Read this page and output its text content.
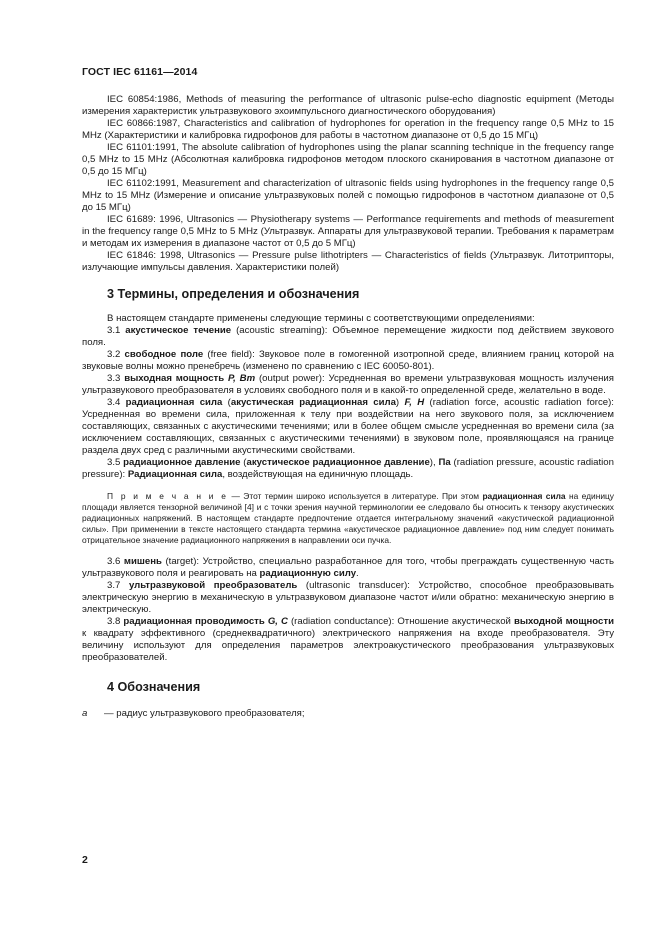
ГОСТ IEC 61161—2014

IEC 60854:1986, Methods of measuring the performance of ultrasonic pulse-echo diagnostic equipment (Методы измерения характеристик ультразвукового эхоимпульсного диагностического оборудования)

IEC 60866:1987, Characteristics and calibration of hydrophones for operation in the frequency range 0,5 MHz to 15 MHz (Характеристики и калибровка гидрофонов для работы в частотном диапазоне от 0,5 до 15 МГц)

IEC 61101:1991, The absolute calibration of hydrophones using the planar scanning technique in the frequency range 0,5 MHz to 15 MHz (Абсолютная калибровка гидрофонов методом плоского сканирования в частотном диапазоне от 0,5 до 15 МГц)

IEC 61102:1991, Measurement and characterization of ultrasonic fields using hydrophones in the frequency range 0,5 MHz to 15 MHz (Измерение и описание ультразвуковых полей с помощью гидрофонов в частотном диапазоне от 0,5 до 15 МГц)

IEC 61689: 1996, Ultrasonics — Physiotherapy systems — Performance requirements and methods of measurement in the frequency range 0,5 MHz to 5 MHz (Ультразвук. Аппараты для ультразвуковой терапии. Требования к параметрам и методам их измерения в диапазоне частот от 0,5 до 5 МГц)

IEC 61846: 1998, Ultrasonics — Pressure pulse lithotripters — Characteristics of fields (Ультразвук. Литотрипторы, излучающие импульсы давления. Характеристики полей)

3 Термины, определения и обозначения

В настоящем стандарте применены следующие термины с соответствующими определениями:

3.1 акустическое течение (acoustic streaming): Объемное перемещение жидкости под действием звукового поля.

3.2 свободное поле (free field): Звуковое поле в гомогенной изотропной среде, влиянием границ которой на звуковые волны можно пренебречь (изменено по сравнению с IEC 60050-801).

3.3 выходная мощность P, Вт (output power): Усредненная во времени ультразвуковая мощность излучения ультразвукового преобразователя в условиях свободного поля и в какой-то определенной среде, желательно в воде.

3.4 радиационная сила (акустическая радиационная сила) F, Н (radiation force, acoustic radiation force): Усредненная во времени сила, приложенная к телу при воздействии на него звукового поля, за исключением составляющих, связанных с акустическими течениями; или в более общем смысле усредненная во времени сила (за исключением составляющих, связанных с акустическими течениями) в звуковом поле, проявляющаяся на границе раздела двух сред с различными акустическими свойствами.

3.5 радиационное давление (акустическое радиационное давление), Па (radiation pressure, acoustic radiation pressure): Радиационная сила, воздействующая на единичную площадь.

П р и м е ч а н и е — Этот термин широко используется в литературе. При этом радиационная сила на единицу площади является тензорной величиной [4] и с точки зрения научной терминологии ее следовало бы относить к тензору акустических радиационных напряжений. В настоящем стандарте предпочтение отдается интегральному значений «акустической радиационной силы». При применении в тексте настоящего стандарта термина «акустическое радиационное давление» под ним следует понимать отрицательное значение радиационного напряжения в направлении оси пучка.

3.6 мишень (target): Устройство, специально разработанное для того, чтобы преграждать существенную часть ультразвукового поля и реагировать на радиационную силу.

3.7 ультразвуковой преобразователь (ultrasonic transducer): Устройство, способное преобразовывать электрическую энергию в механическую в ультразвуковом диапазоне частот и/или обратно: механическую энергию в электрическую.

3.8 радиационная проводимость G, С (radiation conductance): Отношение акустической выходной мощности к квадрату эффективного (среднеквадратичного) электрического напряжения на входе преобразователя. Эту величину используют для определения параметров электроакустического преобразования ультразвуковых преобразователей.

4 Обозначения
a — радиус ультразвукового преобразователя;
2
